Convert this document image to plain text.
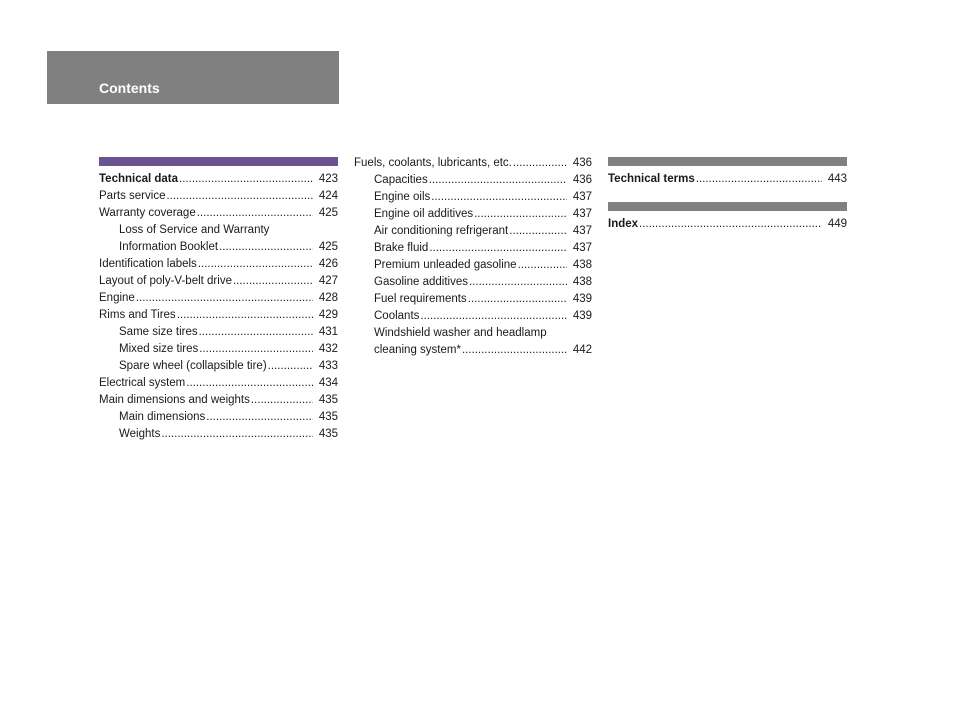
Contents
Technical data .....	423
Parts service .....	424
Warranty coverage .....	425
Loss of Service and Warranty
Information Booklet .....	425
Identification labels .....	426
Layout of poly-V-belt drive .....	427
Engine .....	428
Rims and Tires .....	429
Same size tires .....	431
Mixed size tires .....	432
Spare wheel (collapsible tire) .....	433
Electrical system .....	434
Main dimensions and weights .....	435
Main dimensions .....	435
Weights .....	435
Fuels, coolants, lubricants, etc. .....	436
Capacities .....	436
Engine oils .....	437
Engine oil additives .....	437
Air conditioning refrigerant .....	437
Brake fluid .....	437
Premium unleaded gasoline .....	438
Gasoline additives .....	438
Fuel requirements .....	439
Coolants .....	439
Windshield washer and headlamp
cleaning system* .....	442
Technical terms .....	443
Index .....	449
